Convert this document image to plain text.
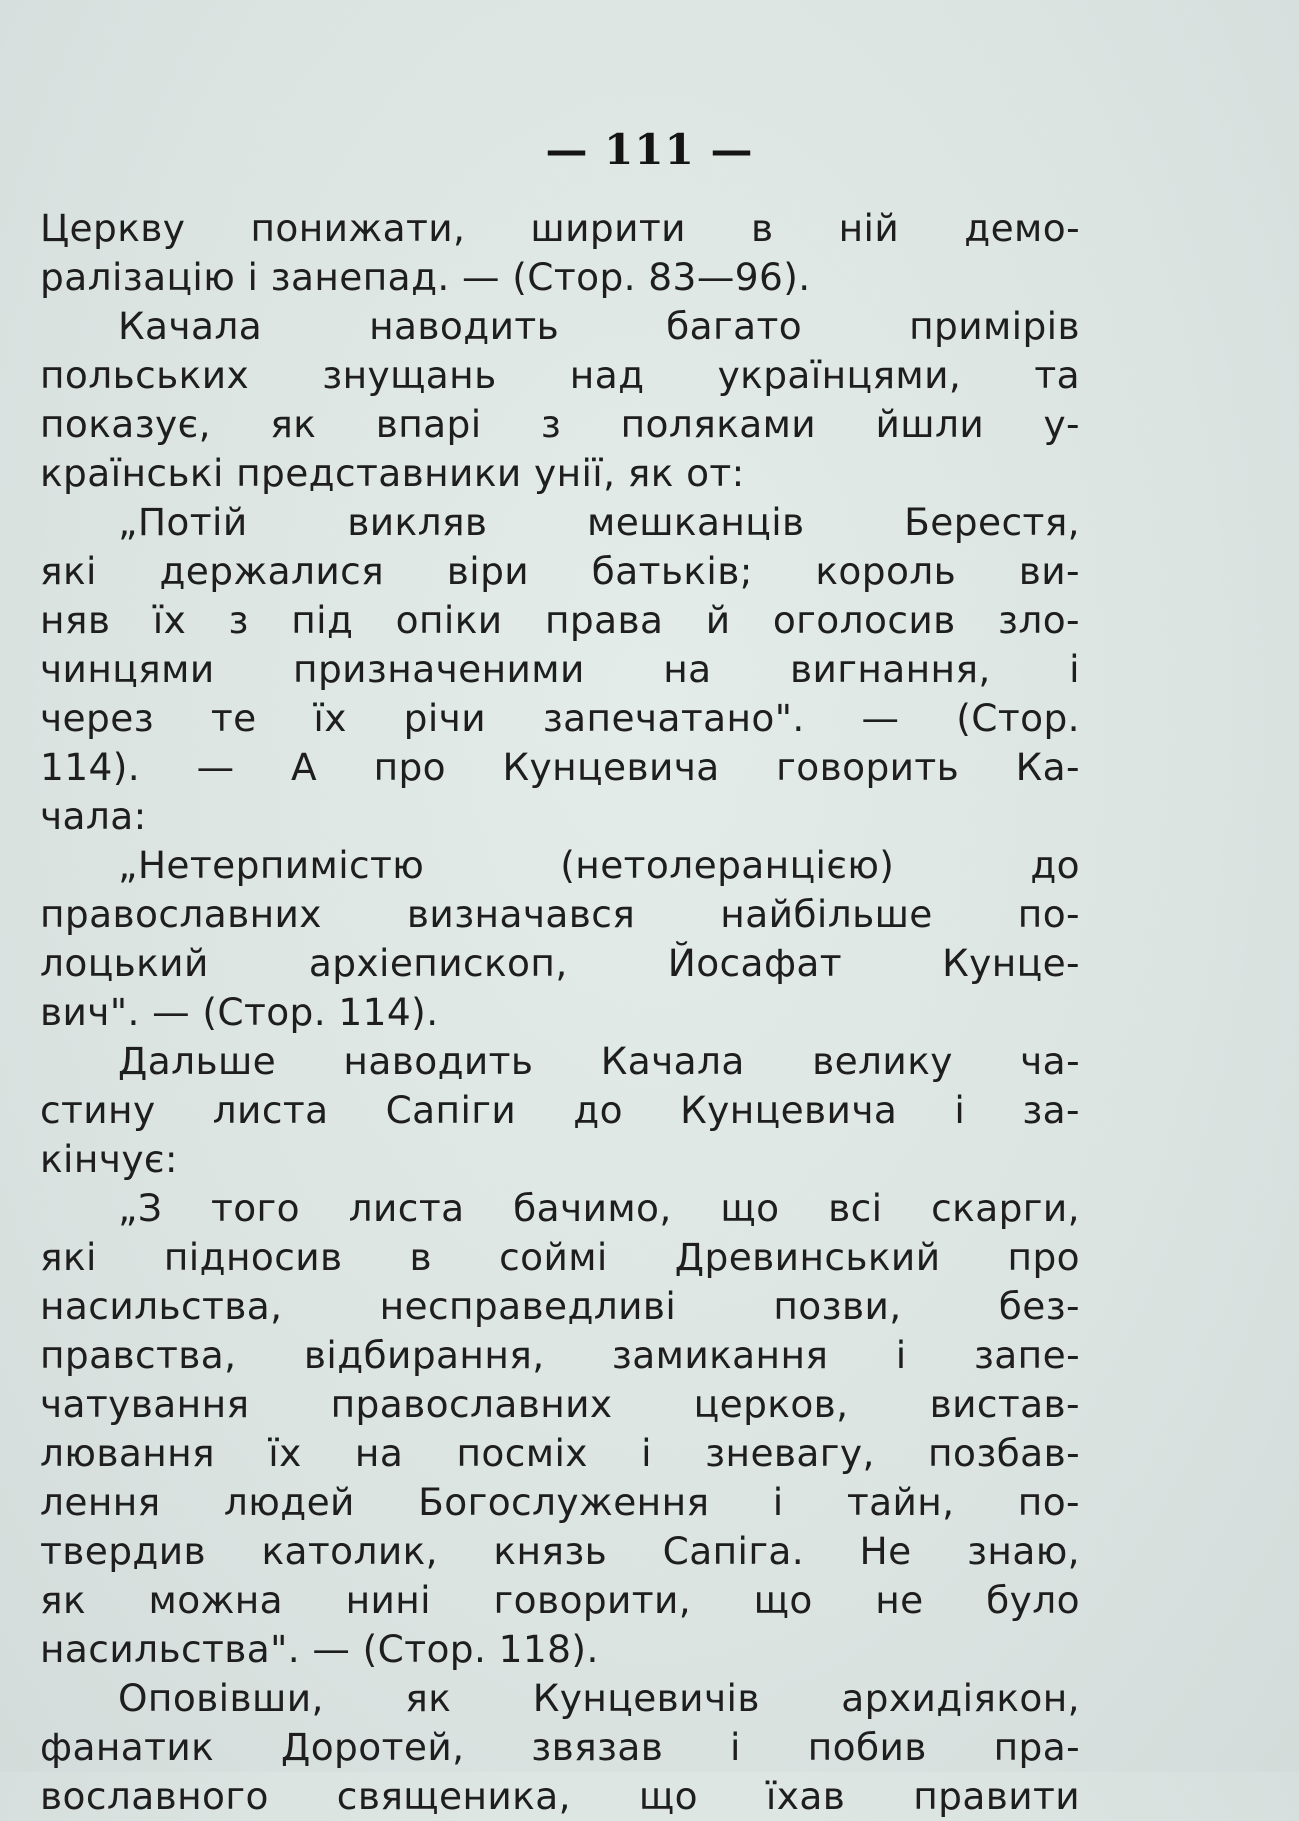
— 111 —
Церкву понижати, ширити в ній демо-
ралізацію і занепад. — (Стор. 83—96).
Качала наводить багато примірів
польських знущань над українцями, та
показує, як впарі з поляками йшли у-
країнські представники унії, як от:
„Потій викляв мешканців Берестя,
які держалися віри батьків; король ви-
няв їх з під опіки права й оголосив зло-
чинцями призначеними на вигнання, і
через те їх річи запечатано". — (Стор.
114). — А про Кунцевича говорить Ка-
чала:
„Нетерпимістю (нетолеранцією) до
православних визначався найбільше по-
лоцький архіепископ, Йосафат Кунце-
вич". — (Стор. 114).
Дальше наводить Качала велику ча-
стину листа Сапіги до Кунцевича і за-
кінчує:
„З того листа бачимо, що всі скарги,
які підносив в соймі Древинський про
насильства, несправедливі позви, без-
правства, відбирання, замикання і запе-
чатування православних церков, вистав-
лювання їх на посміх і зневагу, позбав-
лення людей Богослуження і тайн, по-
твердив католик, князь Сапіга. Не знаю,
як можна нині говорити, що не було
насильства". — (Стор. 118).
Оповівши, як Кунцевичів архидіякон,
фанатик Доротей, звязав і побив пра-
вославного священика, що їхав правити
